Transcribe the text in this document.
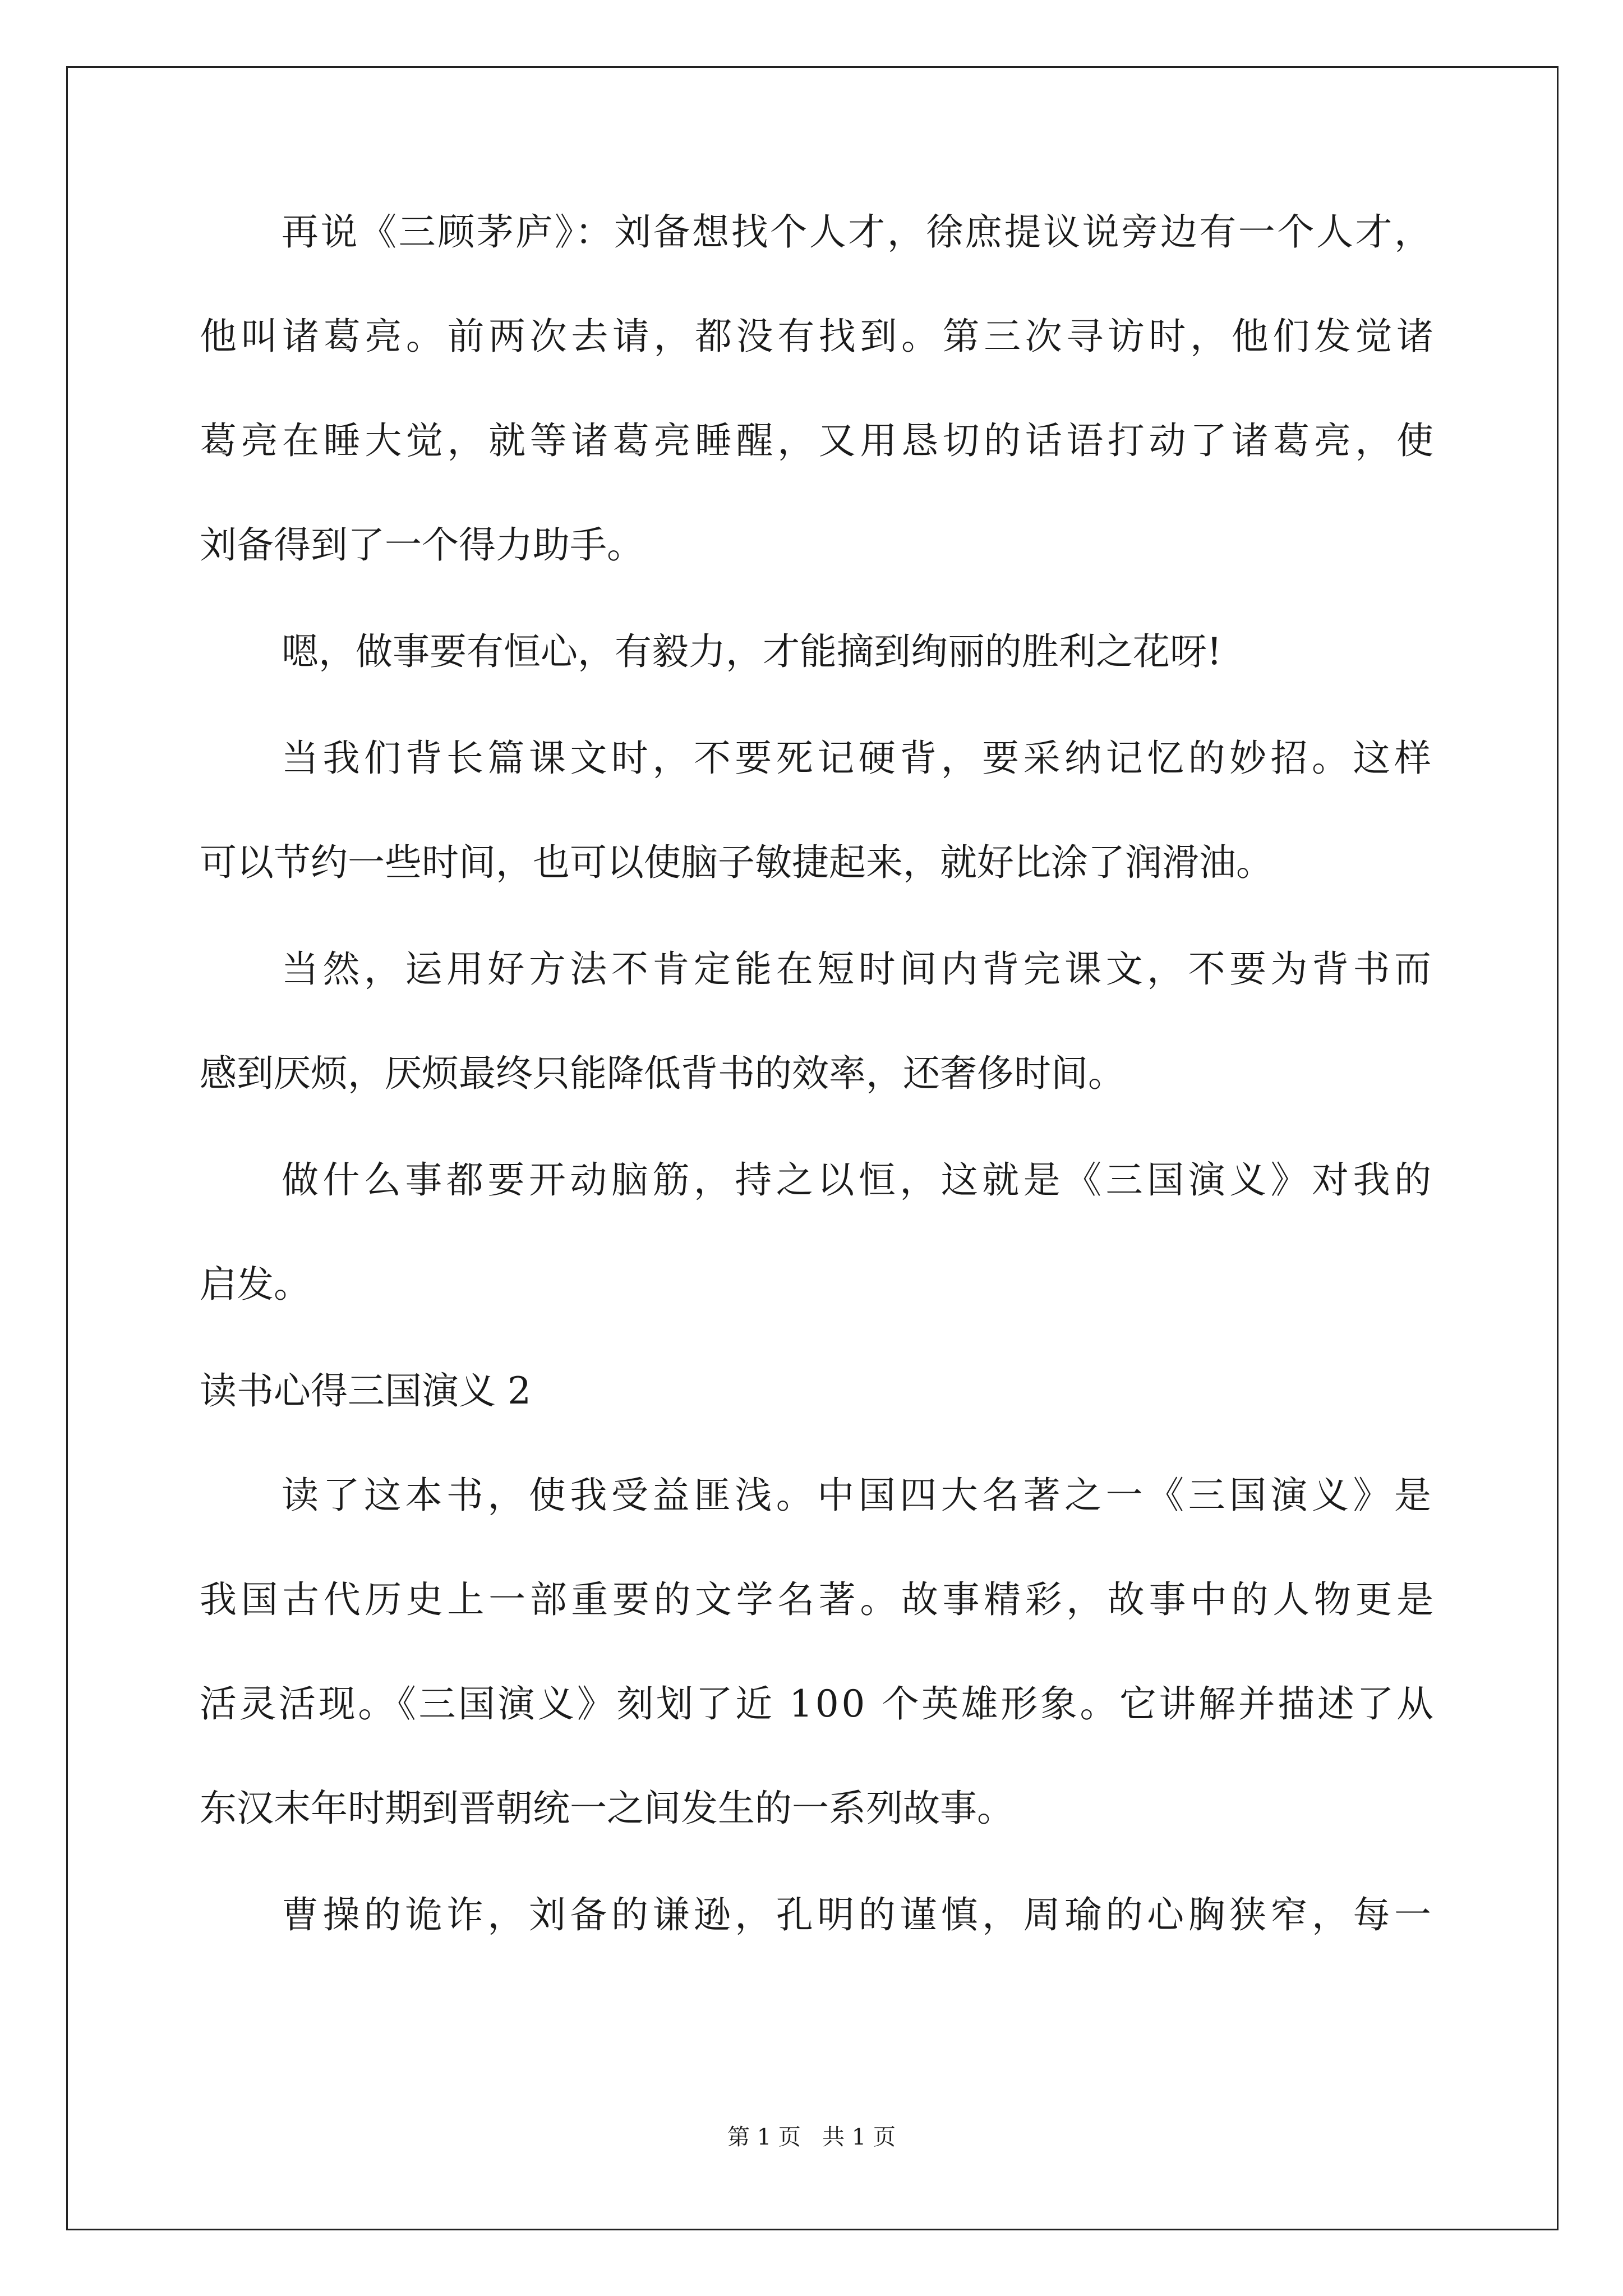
再说《三顾茅庐》：刘备想找个人才，徐庶提议说旁边有一个人才，
他叫诸葛亮。前两次去请，都没有找到。第三次寻访时，他们发觉诸
葛亮在睡大觉，就等诸葛亮睡醒，又用恳切的话语打动了诸葛亮，使
刘备得到了一个得力助手。
嗯，做事要有恒心，有毅力，才能摘到绚丽的胜利之花呀!
当我们背长篇课文时，不要死记硬背，要采纳记忆的妙招。这样
可以节约一些时间，也可以使脑子敏捷起来，就好比涂了润滑油。
当然，运用好方法不肯定能在短时间内背完课文，不要为背书而
感到厌烦，厌烦最终只能降低背书的效率，还奢侈时间。
做什么事都要开动脑筋，持之以恒，这就是《三国演义》对我的
启发。
读书心得三国演义 2
读了这本书，使我受益匪浅。中国四大名著之一《三国演义》是
我国古代历史上一部重要的文学名著。故事精彩，故事中的人物更是
活灵活现。《三国演义》刻划了近 100 个英雄形象。它讲解并描述了从
东汉末年时期到晋朝统一之间发生的一系列故事。
曹操的诡诈，刘备的谦逊，孔明的谨慎，周瑜的心胸狭窄，每一
第 1 页   共 1 页
